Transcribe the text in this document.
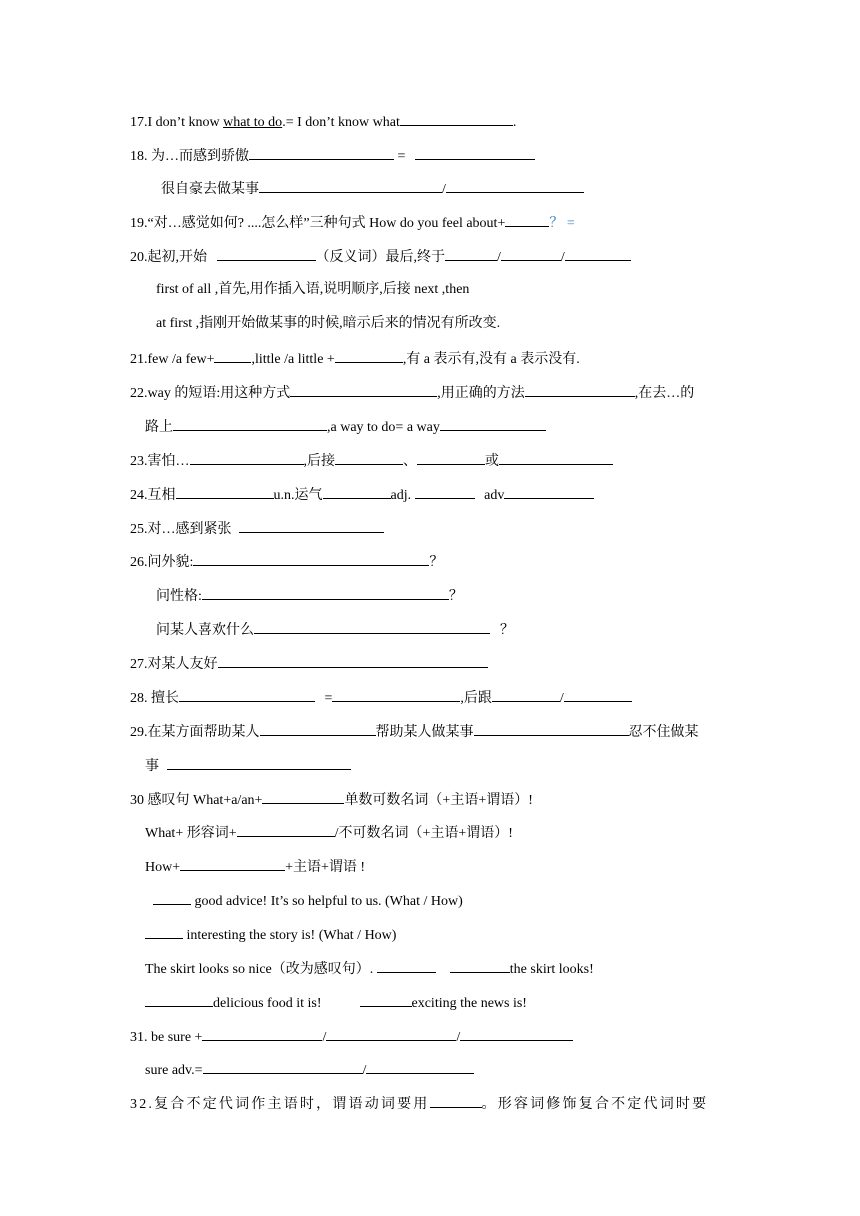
17.I don’t know what to do.= I don’t know what	.
18. 为…而感到骄傲	=
很自豪去做某事	/
19.“对…感觉如何? ....怎么样”三种句式 How do you feel about+	？ =
20.起初,开始	（反义词）最后,终于	/	/
first of all ,首先,用作插入语,说明顺序,后接 next ,then
at first ,指刚开始做某事的时候,暗示后来的情况有所改变.
21.few /a few+	,little /a little +	,有 a 表示有,没有 a 表示没有.
22.way 的短语:用这种方式	,用正确的方法	,在去…的
路上	,a way to do= a way
23.害怕…	,后接	、	或
24.互相	u.n.运气	adj.	adv
25.对…感到紧张
26.问外貌:	？
问性格:	？
问某人喜欢什么	？
27.对某人友好
28. 擅长	=	,后跟	/
29.在某方面帮助某人	帮助某人做某事	忍不住做某
事
30 感叹句 What+a/an+	单数可数名词（+主语+谓语）!
What+ 形容词+	/不可数名词（+主语+谓语）!
How+	+主语+谓语 !
good advice! It’s so helpful to us. (What / How)
interesting the story is! (What / How)
The skirt looks so nice（改为感叹句）.	the skirt looks!
delicious food it is!	exciting the news is!
31. be sure +	/	/
sure adv.=	/
32.复合不定代词作主语时，谓语动词要用	。形容词修饰复合不定代词时要
